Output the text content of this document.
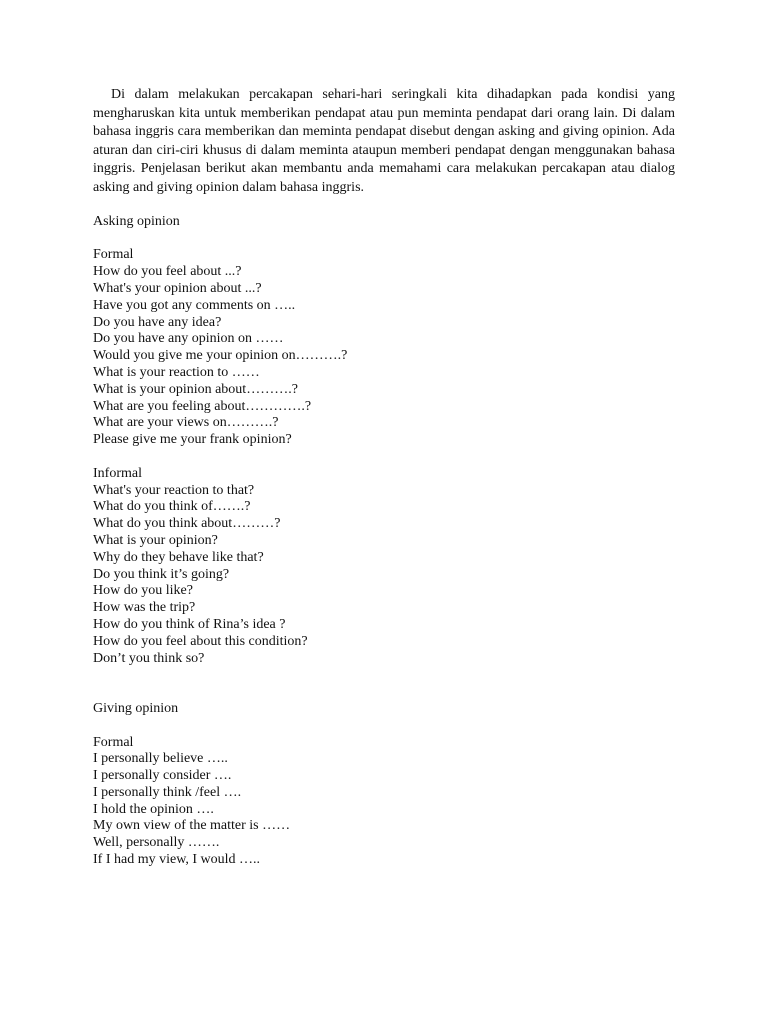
Di dalam melakukan percakapan sehari-hari seringkali kita dihadapkan pada kondisi yang mengharuskan kita untuk memberikan pendapat atau pun meminta pendapat dari orang lain. Di dalam bahasa inggris cara memberikan dan meminta pendapat disebut dengan asking and giving opinion. Ada aturan dan ciri-ciri khusus di dalam meminta ataupun memberi pendapat dengan menggunakan bahasa inggris. Penjelasan berikut akan membantu anda memahami cara melakukan percakapan atau dialog asking and giving opinion dalam bahasa inggris.

Asking opinion
Formal
How do you feel about ...?
What's your opinion about ...?
Have you got any comments on …..
Do you have any idea?
Do you have any opinion on ……
Would you give me your opinion on……….?
What is your reaction to ……
What is your opinion about……….?
What are you feeling about………….?
What are your views on……….?
Please give me your frank opinion?
Informal
What's your reaction to that?
What do you think of…….?
What do you think about………?
What is your opinion?
Why do they behave like that?
Do you think it’s going?
How do you like?
How was the trip?
How do you think of Rina’s idea ?
How do you feel about this condition?
Don’t you think so?
Giving opinion
Formal
I personally believe …..
I personally consider ….
I personally think /feel ….
I hold the opinion ….
My own view of the matter is ……
Well, personally …….
If I had my view, I would …..
